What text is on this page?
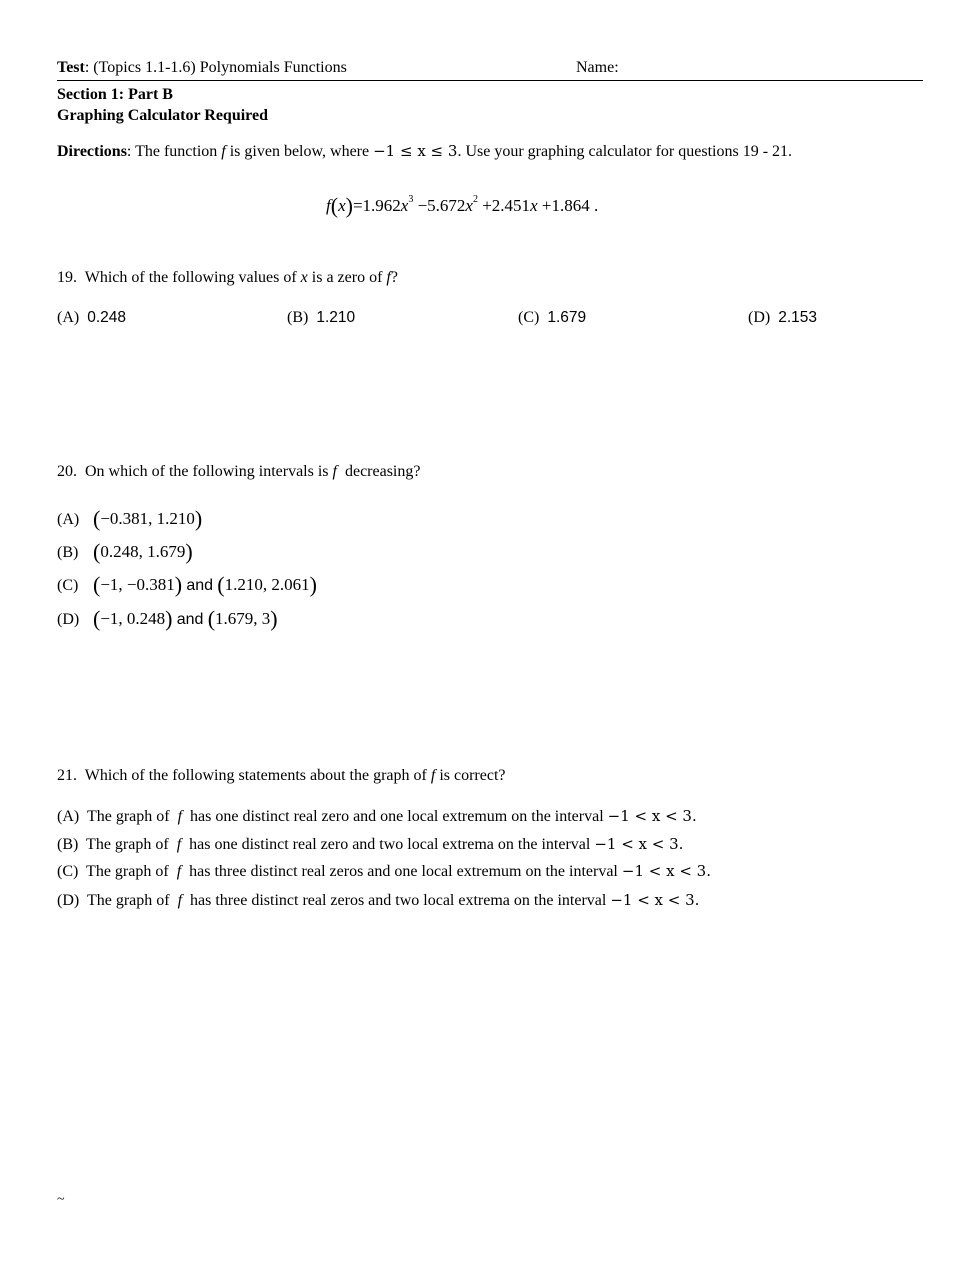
Test: (Topics 1.1-1.6) Polynomials Functions	Name:
Section 1: Part B
Graphing Calculator Required
Directions: The function f is given below, where −1 ≤ x ≤ 3. Use your graphing calculator for questions 19 - 21.
$f(x)=1.962x^3 -5.672x^2 +2.451x +1.864$ .
19. Which of the following values of x is a zero of f?
(A) 0.248	(B) 1.210	(C) 1.679	(D) 2.153
20. On which of the following intervals is f decreasing?
(A) (−0.381, 1.210)
(B) (0.248, 1.679)
(C) (−1, −0.381) and (1.210, 2.061)
(D) (−1, 0.248) and (1.679, 3)
21. Which of the following statements about the graph of f is correct?
(A) The graph of f has one distinct real zero and one local extremum on the interval −1 < x < 3.
(B) The graph of f has one distinct real zero and two local extrema on the interval −1 < x < 3.
(C) The graph of f has three distinct real zeros and one local extremum on the interval −1 < x < 3.
(D) The graph of f has three distinct real zeros and two local extrema on the interval −1 < x < 3.
~
